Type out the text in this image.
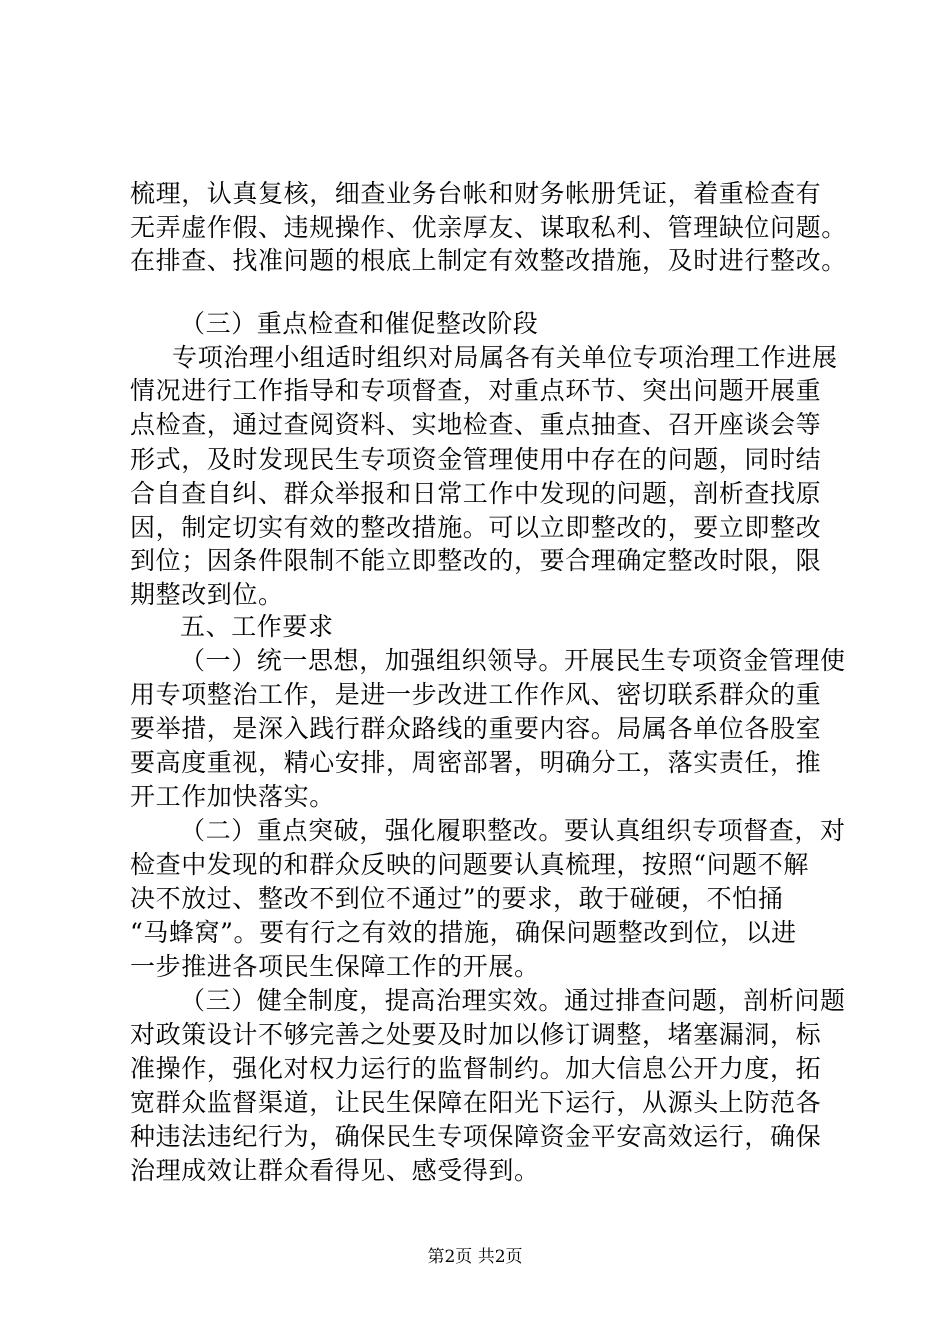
梳理，认真复核，细查业务台帐和财务帐册凭证，着重检查有
无弄虚作假、违规操作、优亲厚友、谋取私利、管理缺位问题。
在排查、找准问题的根底上制定有效整改措施，及时进行整改。
（三）重点检查和催促整改阶段
专项治理小组适时组织对局属各有关单位专项治理工作进展
情况进行工作指导和专项督查，对重点环节、突出问题开展重
点检查，通过查阅资料、实地检查、重点抽查、召开座谈会等
形式，及时发现民生专项资金管理使用中存在的问题，同时结
合自查自纠、群众举报和日常工作中发现的问题，剖析查找原
因，制定切实有效的整改措施。可以立即整改的，要立即整改
到位；因条件限制不能立即整改的，要合理确定整改时限，限
期整改到位。
五、工作要求
（一）统一思想，加强组织领导。开展民生专项资金管理使
用专项整治工作，是进一步改进工作作风、密切联系群众的重
要举措，是深入践行群众路线的重要内容。局属各单位各股室
要高度重视，精心安排，周密部署，明确分工，落实责任，推
开工作加快落实。
（二）重点突破，强化履职整改。要认真组织专项督查，对
检查中发现的和群众反映的问题要认真梳理，按照“问题不解
决不放过、整改不到位不通过”的要求，敢于碰硬，不怕捅
“马蜂窝”。要有行之有效的措施，确保问题整改到位，以进
一步推进各项民生保障工作的开展。
（三）健全制度，提高治理实效。通过排查问题，剖析问题
对政策设计不够完善之处要及时加以修订调整，堵塞漏洞，标
准操作，强化对权力运行的监督制约。加大信息公开力度，拓
宽群众监督渠道，让民生保障在阳光下运行，从源头上防范各
种违法违纪行为，确保民生专项保障资金平安高效运行，确保
治理成效让群众看得见、感受得到。
第2页 共2页
